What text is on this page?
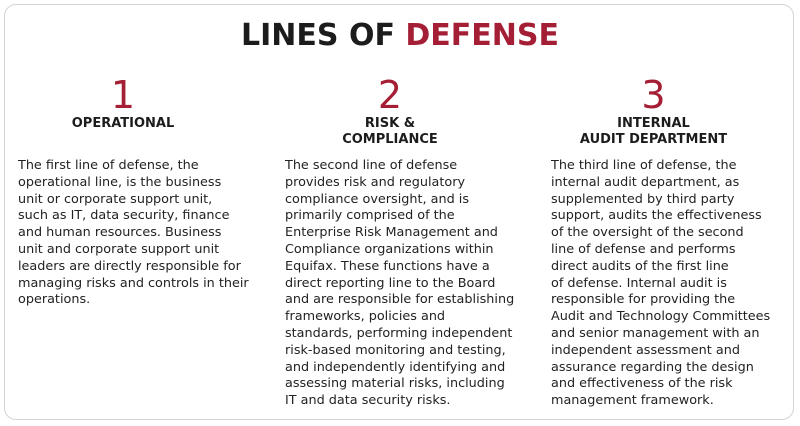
LINES OF DEFENSE
1
OPERATIONAL

The first line of defense, the
operational line, is the business
unit or corporate support unit,
such as IT, data security, finance
and human resources. Business
unit and corporate support unit
leaders are directly responsible for
managing risks and controls in their
operations.

2
RISK &
COMPLIANCE

The second line of defense
provides risk and regulatory
compliance oversight, and is
primarily comprised of the
Enterprise Risk Management and
Compliance organizations within
Equifax. These functions have a
direct reporting line to the Board
and are responsible for establishing
frameworks, policies and
standards, performing independent
risk-based monitoring and testing,
and independently identifying and
assessing material risks, including
IT and data security risks.

3
INTERNAL
AUDIT DEPARTMENT

The third line of defense, the
internal audit department, as
supplemented by third party
support, audits the effectiveness
of the oversight of the second
line of defense and performs
direct audits of the first line
of defense. Internal audit is
responsible for providing the
Audit and Technology Committees
and senior management with an
independent assessment and
assurance regarding the design
and effectiveness of the risk
management framework.
